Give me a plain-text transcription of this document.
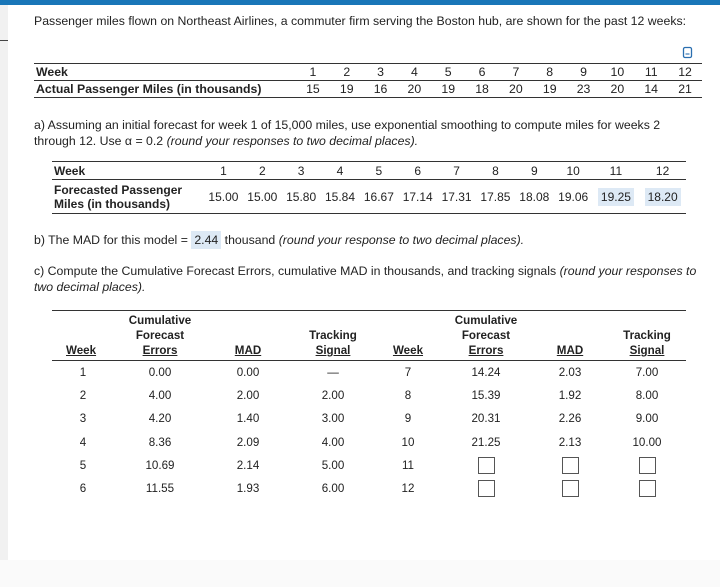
Passenger miles flown on Northeast Airlines, a commuter firm serving the Boston hub, are shown for the past 12 weeks:
Week	1	2	3	4	5	6	7	8	9	10	11	12
Actual Passenger Miles (in thousands)	15	19	16	20	19	18	20	19	23	20	14	21
a) Assuming an initial forecast for week 1 of 15,000 miles, use exponential smoothing to compute miles for weeks 2 through 12. Use α = 0.2 (round your responses to two decimal places).
Week	1	2	3	4	5	6	7	8	9	10	11	12
Forecasted Passenger
Miles (in thousands)	15.00	15.00	15.80	15.84	16.67	17.14	17.31	17.85	18.08	19.06	19.25	18.20
b) The MAD for this model = 2.44 thousand (round your response to two decimal places).
c) Compute the Cumulative Forecast Errors, cumulative MAD in thousands, and tracking signals (round your responses to two decimal places).
Week	Cumulative
Forecast
Errors	MAD	Tracking
Signal	Week	Cumulative
Forecast
Errors	MAD	Tracking
Signal
1	0.00	0.00	—	7	14.24	2.03	7.00
2	4.00	2.00	2.00	8	15.39	1.92	8.00
3	4.20	1.40	3.00	9	20.31	2.26	9.00
4	8.36	2.09	4.00	10	21.25	2.13	10.00
5	10.69	2.14	5.00	11			
6	11.55	1.93	6.00	12			
